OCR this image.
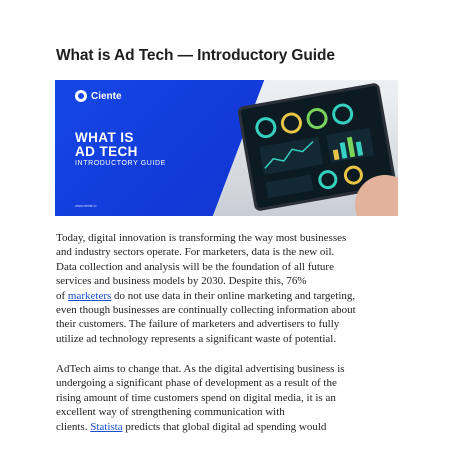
What is Ad Tech — Introductory Guide
Ciente
WHAT IS
AD TECH
INTRODUCTORY GUIDE
www.ciente.io
Today, digital innovation is transforming the way most businesses
and industry sectors operate. For marketers, data is the new oil.
Data collection and analysis will be the foundation of all future
services and business models by 2030. Despite this, 76%
of marketers do not use data in their online marketing and targeting,
even though businesses are continually collecting information about
their customers. The failure of marketers and advertisers to fully
utilize ad technology represents a significant waste of potential.
AdTech aims to change that. As the digital advertising business is
undergoing a significant phase of development as a result of the
rising amount of time customers spend on digital media, it is an
excellent way of strengthening communication with
clients. Statista predicts that global digital ad spending would
